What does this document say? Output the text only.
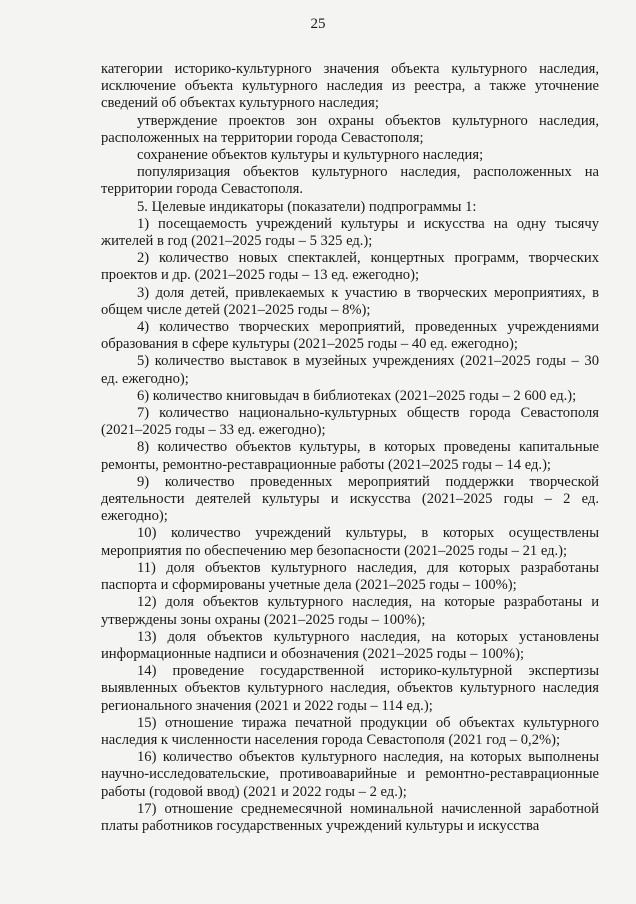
25

категории историко-культурного значения объекта культурного наследия, исключение объекта культурного наследия из реестра, а также уточнение сведений об объектах культурного наследия;

утверждение проектов зон охраны объектов культурного наследия, расположенных на территории города Севастополя;

сохранение объектов культуры и культурного наследия;

популяризация объектов культурного наследия, расположенных на территории города Севастополя.

5. Целевые индикаторы (показатели) подпрограммы 1:

1) посещаемость учреждений культуры и искусства на одну тысячу жителей в год (2021–2025 годы – 5 325 ед.);

2) количество новых спектаклей, концертных программ, творческих проектов и др. (2021–2025 годы – 13 ед. ежегодно);

3) доля детей, привлекаемых к участию в творческих мероприятиях, в общем числе детей (2021–2025 годы – 8%);

4) количество творческих мероприятий, проведенных учреждениями образования в сфере культуры (2021–2025 годы – 40 ед. ежегодно);

5) количество выставок в музейных учреждениях (2021–2025 годы – 30 ед. ежегодно);

6) количество книговыдач в библиотеках (2021–2025 годы – 2 600 ед.);

7) количество национально-культурных обществ города Севастополя (2021–2025 годы – 33 ед. ежегодно);

8) количество объектов культуры, в которых проведены капитальные ремонты, ремонтно-реставрационные работы (2021–2025 годы – 14 ед.);

9) количество проведенных мероприятий поддержки творческой деятельности деятелей культуры и искусства (2021–2025 годы – 2 ед. ежегодно);

10) количество учреждений культуры, в которых осуществлены мероприятия по обеспечению мер безопасности (2021–2025 годы – 21 ед.);

11) доля объектов культурного наследия, для которых разработаны паспорта и сформированы учетные дела (2021–2025 годы – 100%);

12) доля объектов культурного наследия, на которые разработаны и утверждены зоны охраны (2021–2025 годы – 100%);

13) доля объектов культурного наследия, на которых установлены информационные надписи и обозначения (2021–2025 годы – 100%);

14) проведение государственной историко-культурной экспертизы выявленных объектов культурного наследия, объектов культурного наследия регионального значения (2021 и 2022 годы – 114 ед.);

15) отношение тиража печатной продукции об объектах культурного наследия к численности населения города Севастополя (2021 год – 0,2%);

16) количество объектов культурного наследия, на которых выполнены научно-исследовательские, противоаварийные и ремонтно-реставрационные работы (годовой ввод) (2021 и 2022 годы – 2 ед.);

17) отношение среднемесячной номинальной начисленной заработной платы работников государственных учреждений культуры и искусства
